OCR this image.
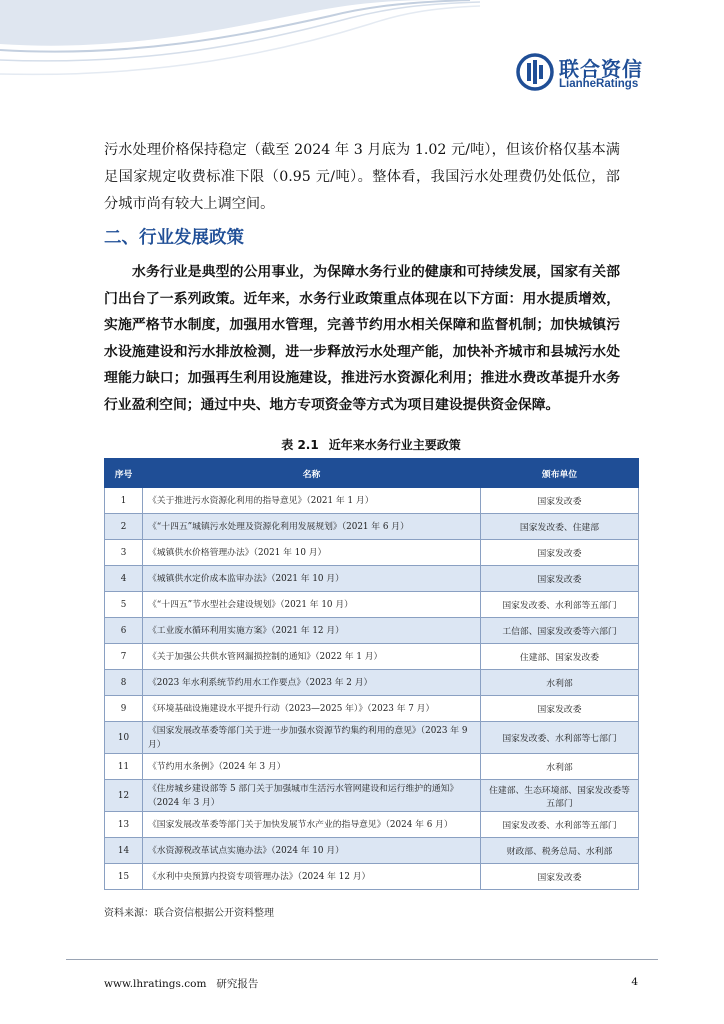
联合资信
LianheRatings
污水处理价格保持稳定（截至 2024 年 3 月底为 1.02 元/吨），但该价格仅基本满足国家规定收费标准下限（0.95 元/吨）。整体看，我国污水处理费仍处低位，部分城市尚有较大上调空间。
二、行业发展政策
水务行业是典型的公用事业，为保障水务行业的健康和可持续发展，国家有关部门出台了一系列政策。近年来，水务行业政策重点体现在以下方面：用水提质增效，实施严格节水制度，加强用水管理，完善节约用水相关保障和监督机制；加快城镇污水设施建设和污水排放检测，进一步释放污水处理产能，加快补齐城市和县城污水处理能力缺口；加强再生利用设施建设，推进污水资源化利用；推进水费改革提升水务行业盈利空间；通过中央、地方专项资金等方式为项目建设提供资金保障。
表 2.1 近年来水务行业主要政策
序号	名称	颁布单位
1	《关于推进污水资源化利用的指导意见》（2021 年 1 月）	国家发改委
2	《“十四五”城镇污水处理及资源化利用发展规划》（2021 年 6 月）	国家发改委、住建部
3	《城镇供水价格管理办法》（2021 年 10 月）	国家发改委
4	《城镇供水定价成本监审办法》（2021 年 10 月）	国家发改委
5	《“十四五”节水型社会建设规划》（2021 年 10 月）	国家发改委、水利部等五部门
6	《工业废水循环利用实施方案》（2021 年 12 月）	工信部、国家发改委等六部门
7	《关于加强公共供水管网漏损控制的通知》（2022 年 1 月）	住建部、国家发改委
8	《2023 年水利系统节约用水工作要点》（2023 年 2 月）	水利部
9	《环境基础设施建设水平提升行动（2023—2025 年）》（2023 年 7 月）	国家发改委
10	《国家发展改革委等部门关于进一步加强水资源节约集约利用的意见》（2023 年 9 月）	国家发改委、水利部等七部门
11	《节约用水条例》（2024 年 3 月）	水利部
12	《住房城乡建设部等 5 部门关于加强城市生活污水管网建设和运行维护的通知》（2024 年 3 月）	住建部、生态环境部、国家发改委等五部门
13	《国家发展改革委等部门关于加快发展节水产业的指导意见》（2024 年 6 月）	国家发改委、水利部等五部门
14	《水资源税改革试点实施办法》（2024 年 10 月）	财政部、税务总局、水利部
15	《水利中央预算内投资专项管理办法》（2024 年 12 月）	国家发改委
资料来源：联合资信根据公开资料整理
www.lhratings.com 研究报告	4
